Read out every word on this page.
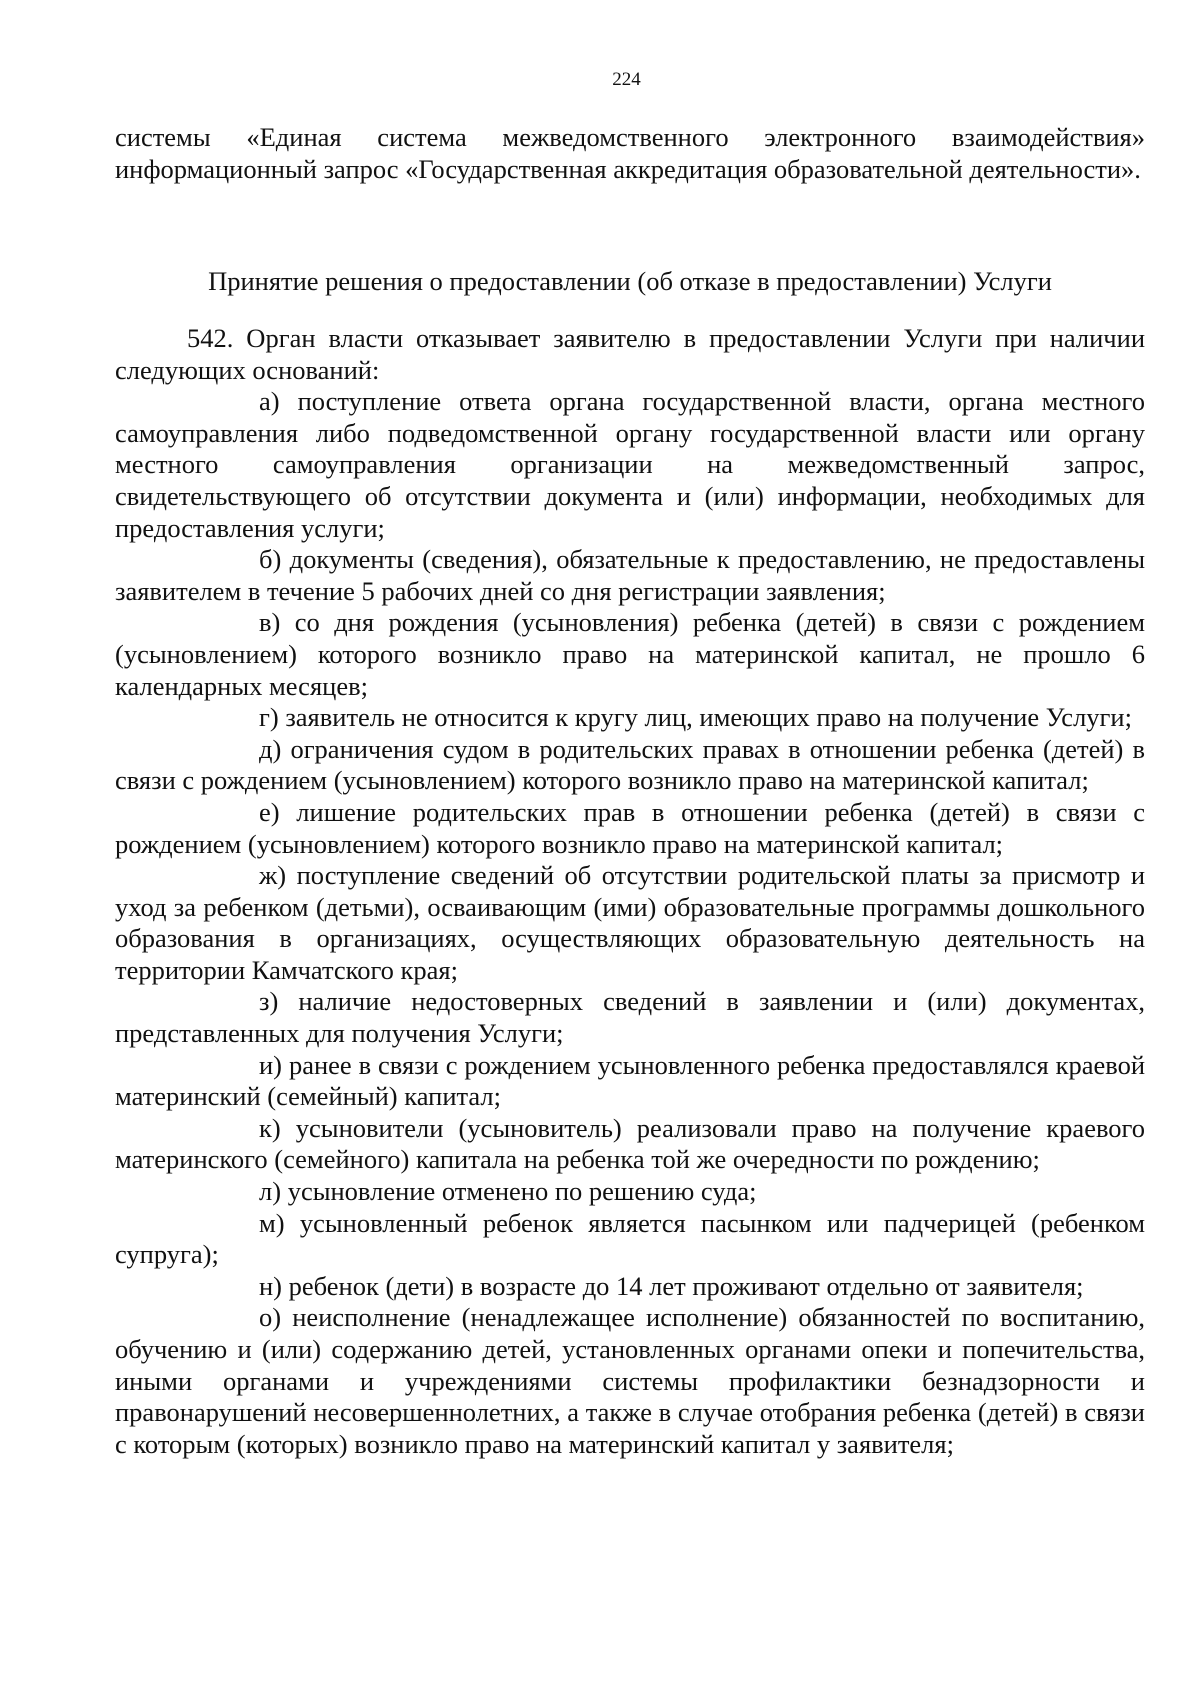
224

системы «Единая система межведомственного электронного взаимодействия» информационный запрос «Государственная аккредитация образовательной деятельности».

Принятие решения о предоставлении (об отказе в предоставлении) Услуги

542. Орган власти отказывает заявителю в предоставлении Услуги при наличии следующих оснований:

а) поступление ответа органа государственной власти, органа местного самоуправления либо подведомственной органу государственной власти или органу местного самоуправления организации на межведомственный запрос, свидетельствующего об отсутствии документа и (или) информации, необходимых для предоставления услуги;

б) документы (сведения), обязательные к предоставлению, не предоставлены заявителем в течение 5 рабочих дней со дня регистрации заявления;

в) со дня рождения (усыновления) ребенка (детей) в связи с рождением (усыновлением) которого возникло право на материнской капитал, не прошло 6 календарных месяцев;

г) заявитель не относится к кругу лиц, имеющих право на получение Услуги;

д) ограничения судом в родительских правах в отношении ребенка (детей) в связи с рождением (усыновлением) которого возникло право на материнской капитал;

е) лишение родительских прав в отношении ребенка (детей) в связи с рождением (усыновлением) которого возникло право на материнской капитал;

ж) поступление сведений об отсутствии родительской платы за присмотр и уход за ребенком (детьми), осваивающим (ими) образовательные программы дошкольного образования в организациях, осуществляющих образовательную деятельность на территории Камчатского края;

з) наличие недостоверных сведений в заявлении и (или) документах, представленных для получения Услуги;

и) ранее в связи с рождением усыновленного ребенка предоставлялся краевой материнский (семейный) капитал;

к) усыновители (усыновитель) реализовали право на получение краевого материнского (семейного) капитала на ребенка той же очередности по рождению;

л) усыновление отменено по решению суда;

м) усыновленный ребенок является пасынком или падчерицей (ребенком супруга);

н) ребенок (дети) в возрасте до 14 лет проживают отдельно от заявителя;

о) неисполнение (ненадлежащее исполнение) обязанностей по воспитанию, обучению и (или) содержанию детей, установленных органами опеки и попечительства, иными органами и учреждениями системы профилактики безнадзорности и правонарушений несовершеннолетних, а также в случае отобрания ребенка (детей) в связи с которым (которых) возникло право на материнский капитал у заявителя;
